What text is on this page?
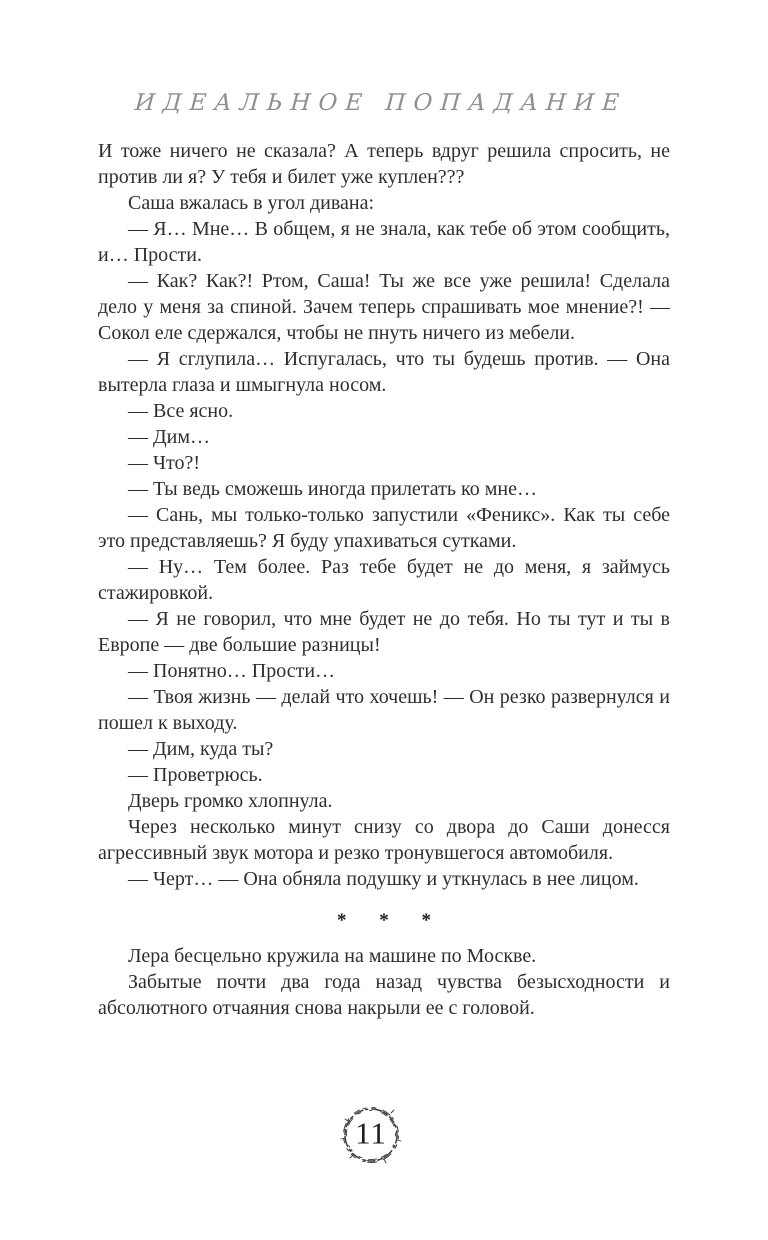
ИДЕАЛЬНОЕ ПОПАДАНИЕ

И тоже ничего не сказала? А теперь вдруг решила спросить, не против ли я? У тебя и билет уже куплен???

Саша вжалась в угол дивана:

— Я… Мне… В общем, я не знала, как тебе об этом сообщить, и… Прости.

— Как? Как?! Ртом, Саша! Ты же все уже решила! Сделала дело у меня за спиной. Зачем теперь спрашивать мое мнение?! — Сокол еле сдержался, чтобы не пнуть ничего из мебели.

— Я сглупила… Испугалась, что ты будешь против. — Она вытерла глаза и шмыгнула носом.

— Все ясно.

— Дим…

— Что?!

— Ты ведь сможешь иногда прилетать ко мне…

— Сань, мы только-только запустили «Феникс». Как ты себе это представляешь? Я буду упахиваться сутками.

— Ну… Тем более. Раз тебе будет не до меня, я займусь стажировкой.

— Я не говорил, что мне будет не до тебя. Но ты тут и ты в Европе — две большие разницы!

— Понятно… Прости…

— Твоя жизнь — делай что хочешь! — Он резко развернулся и пошел к выходу.

— Дим, куда ты?

— Проветрюсь.

Дверь громко хлопнула.

Через несколько минут снизу со двора до Саши донесся агрессивный звук мотора и резко тронувшегося автомобиля.

— Черт… — Она обняла подушку и уткнулась в нее лицом.

* * *

Лера бесцельно кружила на машине по Москве.

Забытые почти два года назад чувства безысходности и абсолютного отчаяния снова накрыли ее с головой.

11
